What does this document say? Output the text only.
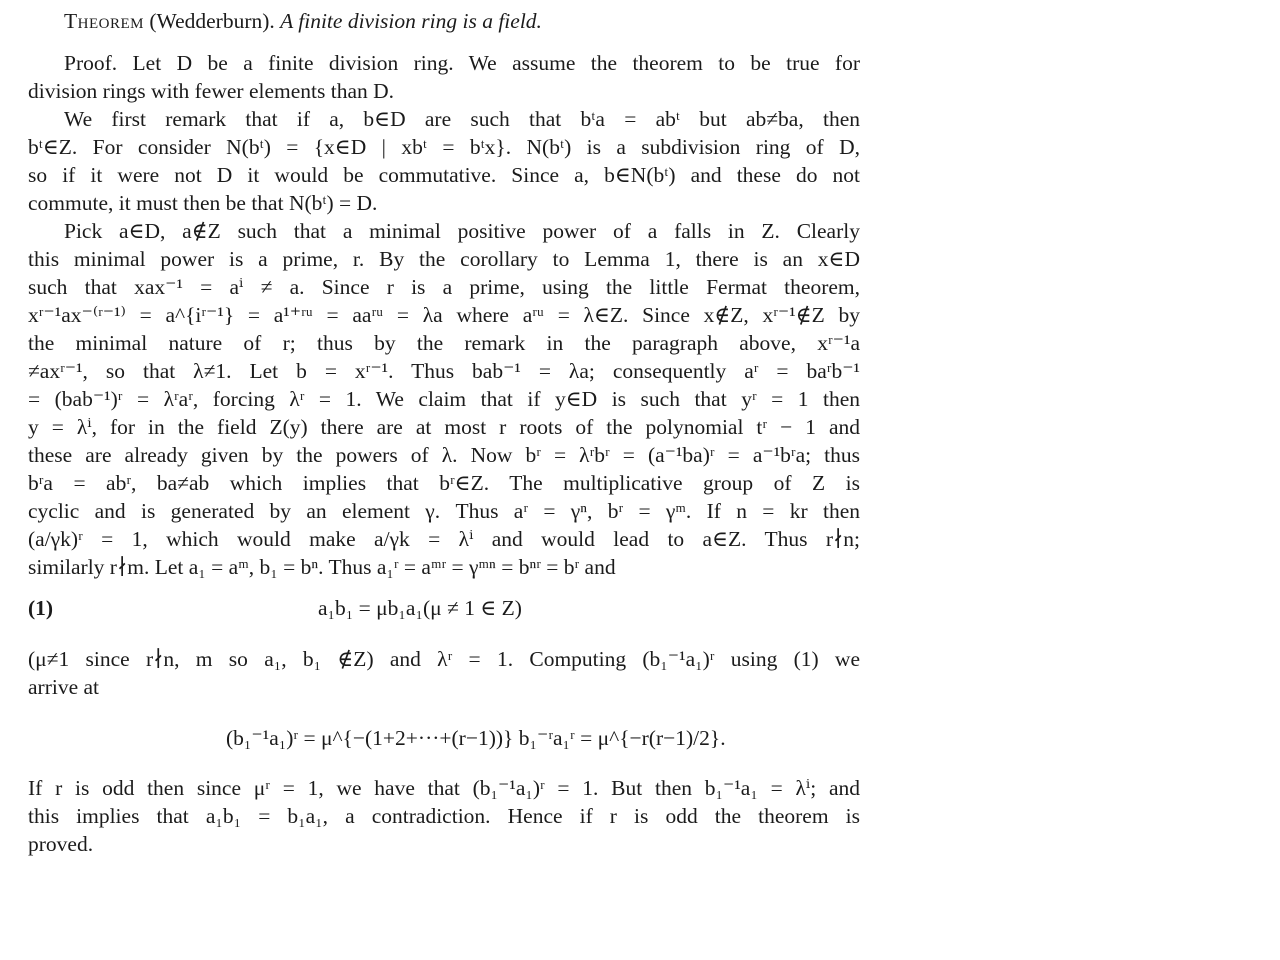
Theorem (Wedderburn). A finite division ring is a field.
Proof. Let D be a finite division ring. We assume the theorem to be true for
division rings with fewer elements than D.
We first remark that if a, b∈D are such that bᵗa = abᵗ but ab≠ba, then
bᵗ∈Z. For consider N(bᵗ) = {x∈D | xbᵗ = bᵗx}. N(bᵗ) is a subdivision ring of D,
so if it were not D it would be commutative. Since a, b∈N(bᵗ) and these do not
commute, it must then be that N(bᵗ) = D.
Pick a∈D, a∉Z such that a minimal positive power of a falls in Z. Clearly
this minimal power is a prime, r. By the corollary to Lemma 1, there is an x∈D
such that xax⁻¹ = aⁱ ≠ a. Since r is a prime, using the little Fermat theorem,
xʳ⁻¹ax⁻⁽ʳ⁻¹⁾ = a^{iʳ⁻¹} = a¹⁺ʳᵘ = aaʳᵘ = λa where aʳᵘ = λ∈Z. Since x∉Z, xʳ⁻¹∉Z by
the minimal nature of r; thus by the remark in the paragraph above, xʳ⁻¹a
≠axʳ⁻¹, so that λ≠1. Let b = xʳ⁻¹. Thus bab⁻¹ = λa; consequently aʳ = baʳb⁻¹
= (bab⁻¹)ʳ = λʳaʳ, forcing λʳ = 1. We claim that if y∈D is such that yʳ = 1 then
y = λⁱ, for in the field Z(y) there are at most r roots of the polynomial tʳ − 1 and
these are already given by the powers of λ. Now bʳ = λʳbʳ = (a⁻¹ba)ʳ = a⁻¹bʳa; thus
bʳa = abʳ, ba≠ab which implies that bʳ∈Z. The multiplicative group of Z is
cyclic and is generated by an element γ. Thus aʳ = γⁿ, bʳ = γᵐ. If n = kr then
(a/γk)ʳ = 1, which would make a/γk = λⁱ and would lead to a∈Z. Thus r∤n;
similarly r∤m. Let a₁ = aᵐ, b₁ = bⁿ. Thus a₁ʳ = aᵐʳ = γᵐⁿ = bⁿʳ = bʳ and
(1)	a₁b₁ = μb₁a₁(μ ≠ 1 ∈ Z)
(μ≠1 since r∤n, m so a₁, b₁ ∉Z) and λʳ = 1. Computing (b₁⁻¹a₁)ʳ using (1) we
arrive at
(b₁⁻¹a₁)ʳ = μ^{−(1+2+···+(r−1))} b₁⁻ʳa₁ʳ = μ^{−r(r−1)/2}.
If r is odd then since μʳ = 1, we have that (b₁⁻¹a₁)ʳ = 1. But then b₁⁻¹a₁ = λⁱ; and
this implies that a₁b₁ = b₁a₁, a contradiction. Hence if r is odd the theorem is
proved.
